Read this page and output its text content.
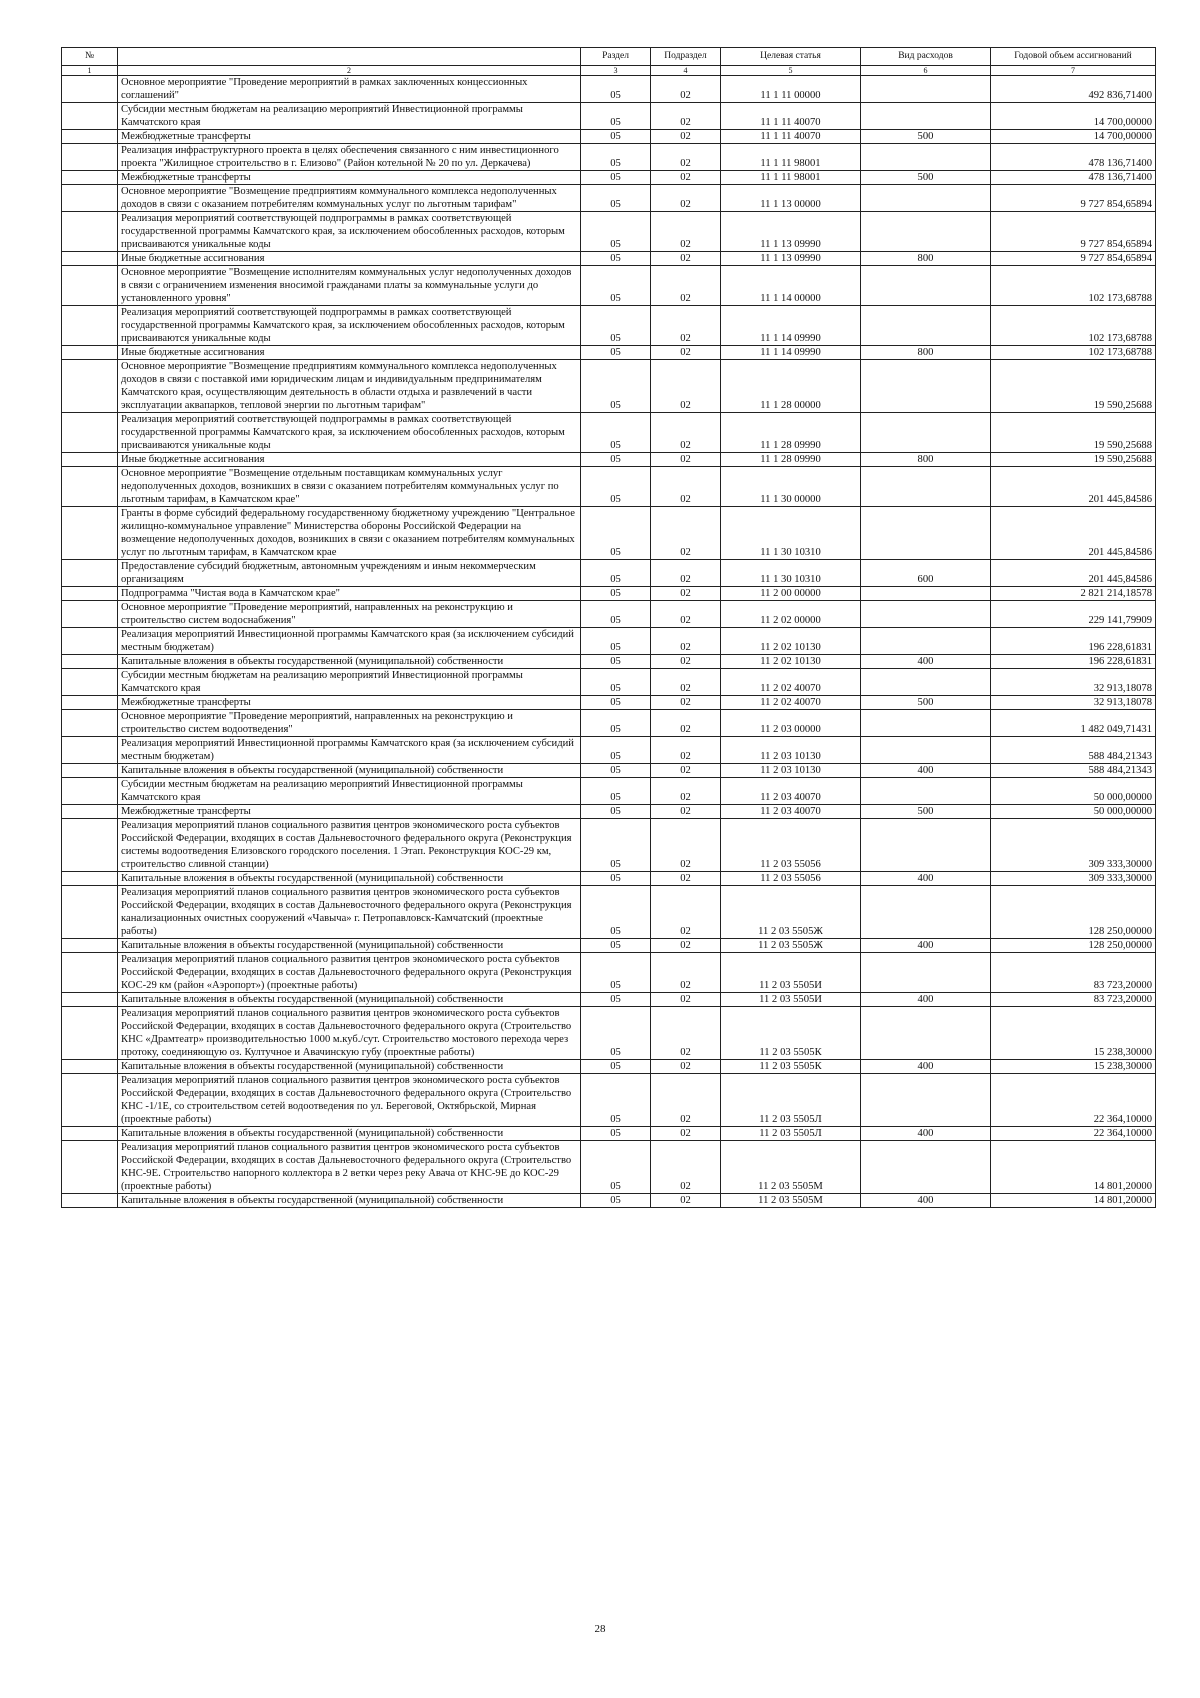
№		Раздел	Подраздел	Целевая статья	Вид расходов	Годовой объем ассигнований
1	2	3	4	5	6	7
	Основное мероприятие "Проведение мероприятий в рамках заключенных концессионных соглашений"	05	02	11 1 11 00000		492 836,71400
	Субсидии местным бюджетам на реализацию мероприятий Инвестиционной программы Камчатского края	05	02	11 1 11 40070		14 700,00000
	Межбюджетные трансферты	05	02	11 1 11 40070	500	14 700,00000
	Реализация инфраструктурного проекта в целях обеспечения связанного с ним инвестиционного проекта "Жилищное строительство в г. Елизово" (Район котельной № 20 по ул. Деркачева)	05	02	11 1 11 98001		478 136,71400
	Межбюджетные трансферты	05	02	11 1 11 98001	500	478 136,71400
	Основное мероприятие "Возмещение предприятиям коммунального комплекса недополученных доходов в связи с оказанием потребителям коммунальных услуг по льготным тарифам"	05	02	11 1 13 00000		9 727 854,65894
	Реализация мероприятий соответствующей подпрограммы в рамках соответствующей государственной программы Камчатского края, за исключением обособленных расходов, которым присваиваются уникальные коды	05	02	11 1 13 09990		9 727 854,65894
	Иные бюджетные ассигнования	05	02	11 1 13 09990	800	9 727 854,65894
	Основное мероприятие "Возмещение исполнителям коммунальных услуг недополученных доходов в связи с ограничением изменения вносимой гражданами платы за коммунальные услуги до установленного уровня"	05	02	11 1 14 00000		102 173,68788
	Реализация мероприятий соответствующей подпрограммы в рамках соответствующей государственной программы Камчатского края, за исключением обособленных расходов, которым присваиваются уникальные коды	05	02	11 1 14 09990		102 173,68788
	Иные бюджетные ассигнования	05	02	11 1 14 09990	800	102 173,68788
	Основное мероприятие "Возмещение предприятиям коммунального комплекса недополученных доходов в связи с поставкой ими юридическим лицам и индивидуальным предпринимателям Камчатского края, осуществляющим деятельность в области отдыха и развлечений в части эксплуатации аквапарков, тепловой энергии по льготным тарифам"	05	02	11 1 28 00000		19 590,25688
	Реализация мероприятий соответствующей подпрограммы в рамках соответствующей государственной программы Камчатского края, за исключением обособленных расходов, которым присваиваются уникальные коды	05	02	11 1 28 09990		19 590,25688
	Иные бюджетные ассигнования	05	02	11 1 28 09990	800	19 590,25688
	Основное мероприятие "Возмещение отдельным поставщикам коммунальных услуг недополученных доходов, возникших в связи с оказанием потребителям коммунальных услуг по льготным тарифам, в Камчатском крае"	05	02	11 1 30 00000		201 445,84586
	Гранты в форме субсидий федеральному государственному бюджетному учреждению "Центральное жилищно-коммунальное управление" Министерства обороны Российской Федерации на возмещение недополученных доходов, возникших в связи с оказанием потребителям коммунальных услуг по льготным тарифам, в Камчатском крае	05	02	11 1 30 10310		201 445,84586
	Предоставление субсидий бюджетным, автономным учреждениям и иным некоммерческим организациям	05	02	11 1 30 10310	600	201 445,84586
	Подпрограмма "Чистая вода в Камчатском крае"	05	02	11 2 00 00000		2 821 214,18578
	Основное мероприятие "Проведение мероприятий, направленных на реконструкцию и строительство систем водоснабжения"	05	02	11 2 02 00000		229 141,79909
	Реализация мероприятий Инвестиционной программы Камчатского края (за исключением субсидий местным бюджетам)	05	02	11 2 02 10130		196 228,61831
	Капитальные вложения в объекты государственной (муниципальной) собственности	05	02	11 2 02 10130	400	196 228,61831
	Субсидии местным бюджетам на реализацию мероприятий Инвестиционной программы Камчатского края	05	02	11 2 02 40070		32 913,18078
	Межбюджетные трансферты	05	02	11 2 02 40070	500	32 913,18078
	Основное мероприятие "Проведение мероприятий, направленных на реконструкцию и строительство систем водоотведения"	05	02	11 2 03 00000		1 482 049,71431
	Реализация мероприятий Инвестиционной программы Камчатского края (за исключением субсидий местным бюджетам)	05	02	11 2 03 10130		588 484,21343
	Капитальные вложения в объекты государственной (муниципальной) собственности	05	02	11 2 03 10130	400	588 484,21343
	Субсидии местным бюджетам на реализацию мероприятий Инвестиционной программы Камчатского края	05	02	11 2 03 40070		50 000,00000
	Межбюджетные трансферты	05	02	11 2 03 40070	500	50 000,00000
	Реализация мероприятий планов социального развития центров экономического роста субъектов Российской Федерации, входящих в состав Дальневосточного федерального округа (Реконструкция системы водоотведения Елизовского городского поселения. 1 Этап. Реконструкция КОС-29 км, строительство сливной станции)	05	02	11 2 03 55056		309 333,30000
	Капитальные вложения в объекты государственной (муниципальной) собственности	05	02	11 2 03 55056	400	309 333,30000
	Реализация мероприятий планов социального развития центров экономического роста субъектов Российской Федерации, входящих в состав Дальневосточного федерального округа (Реконструкция канализационных очистных сооружений «Чавыча» г. Петропавловск-Камчатский (проектные работы)	05	02	11 2 03 5505Ж		128 250,00000
	Капитальные вложения в объекты государственной (муниципальной) собственности	05	02	11 2 03 5505Ж	400	128 250,00000
	Реализация мероприятий планов социального развития центров экономического роста субъектов Российской Федерации, входящих в состав Дальневосточного федерального округа (Реконструкция КОС-29 км (район «Аэропорт») (проектные работы)	05	02	11 2 03 5505И		83 723,20000
	Капитальные вложения в объекты государственной (муниципальной) собственности	05	02	11 2 03 5505И	400	83 723,20000
	Реализация мероприятий планов социального развития центров экономического роста субъектов Российской Федерации, входящих в состав Дальневосточного федерального округа (Строительство КНС «Драмтеатр» производительностью 1000 м.куб./сут. Строительство мостового перехода через протоку, соединяющую оз. Култучное и Авачинскую губу (проектные работы)	05	02	11 2 03 5505К		15 238,30000
	Капитальные вложения в объекты государственной (муниципальной) собственности	05	02	11 2 03 5505К	400	15 238,30000
	Реализация мероприятий планов социального развития центров экономического роста субъектов Российской Федерации, входящих в состав Дальневосточного федерального округа (Строительство КНС -1/1Е, со строительством сетей водоотведения по ул. Береговой, Октябрьской, Мирная (проектные работы)	05	02	11 2 03 5505Л		22 364,10000
	Капитальные вложения в объекты государственной (муниципальной) собственности	05	02	11 2 03 5505Л	400	22 364,10000
	Реализация мероприятий планов социального развития центров экономического роста субъектов Российской Федерации, входящих в состав Дальневосточного федерального округа (Строительство КНС-9Е. Строительство напорного коллектора в 2 ветки через реку Авача от КНС-9Е до КОС-29 (проектные работы)	05	02	11 2 03 5505М		14 801,20000
	Капитальные вложения в объекты государственной (муниципальной) собственности	05	02	11 2 03 5505М	400	14 801,20000
28
